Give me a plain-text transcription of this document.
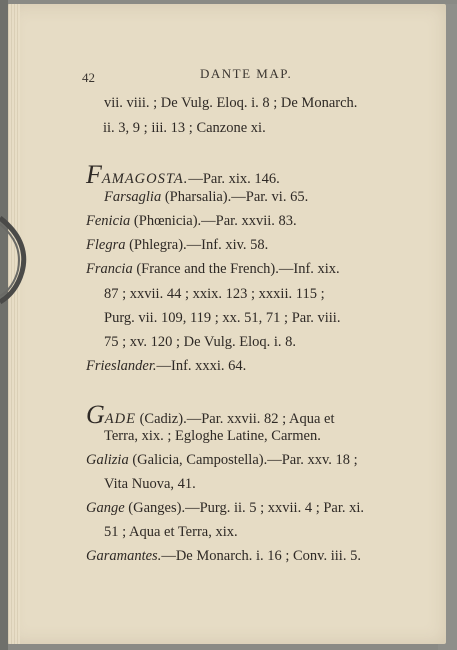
42	DANTE MAP.
vii. viii. ; De Vulg. Eloq. i. 8 ; De Monarch.
ii. 3, 9 ; iii. 13 ; Canzone xi.
FAMAGOSTA.—Par. xix. 146.
Farsaglia (Pharsalia).—Par. vi. 65.
Fenicia (Phœnicia).—Par. xxvii. 83.
Flegra (Phlegra).—Inf. xiv. 58.
Francia (France and the French).—Inf. xix.
87 ; xxvii. 44 ; xxix. 123 ; xxxii. 115 ;
Purg. vii. 109, 119 ; xx. 51, 71 ; Par. viii.
75 ; xv. 120 ; De Vulg. Eloq. i. 8.
Frieslander.—Inf. xxxi. 64.
GADE (Cadiz).—Par. xxvii. 82 ; Aqua et
Terra, xix. ; Egloghe Latine, Carmen.
Galizia (Galicia, Campostella).—Par. xxv. 18 ;
Vita Nuova, 41.
Gange (Ganges).—Purg. ii. 5 ; xxvii. 4 ; Par. xi.
51 ; Aqua et Terra, xix.
Garamantes.—De Monarch. i. 16 ; Conv. iii. 5.
